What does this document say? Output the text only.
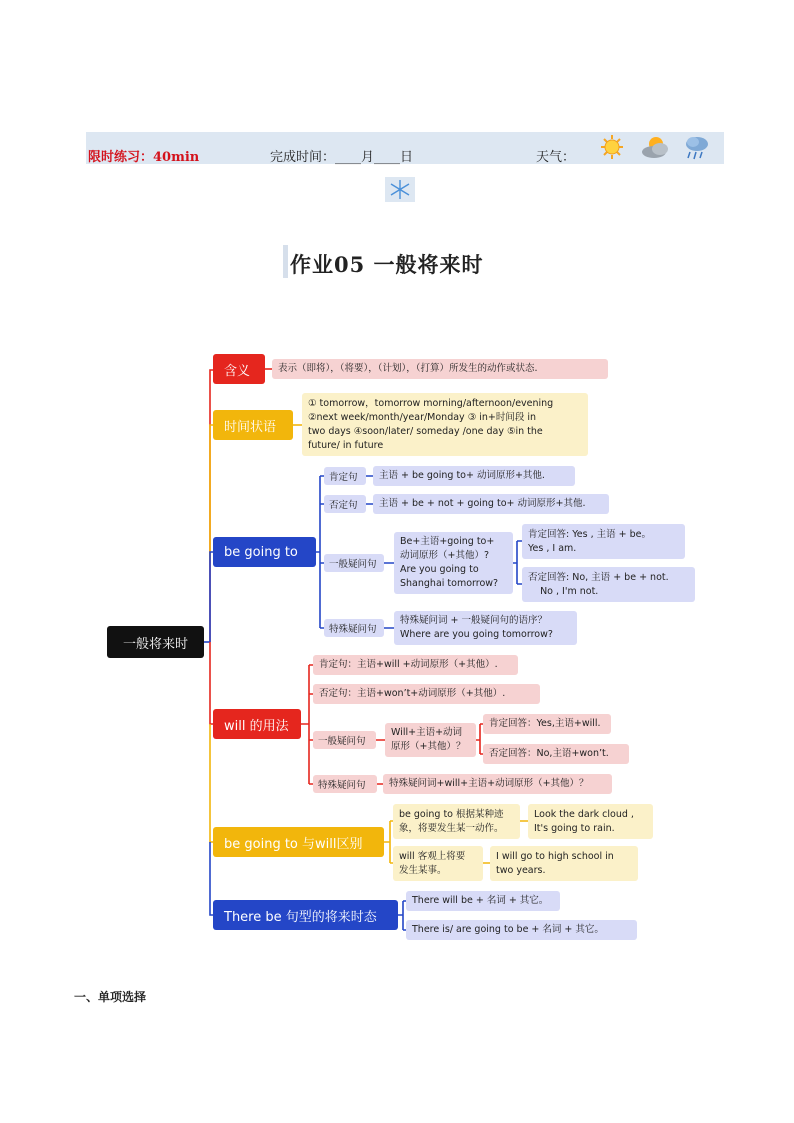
限时练习：40min	完成时间：____月____日	天气：
作业05 一般将来时
一般将来时
含义	表示（即将），（将要），（计划），（打算）所发生的动作或状态.
时间状语
① tomorrow，tomorrow morning/afternoon/evening
②next week/month/year/Monday ③ in+时间段 in
two days ④soon/later/ someday /one day ⑤in the
future/ in future
be going to
肯定句	主语 + be going to+ 动词原形+其他.
否定句	主语 + be + not + going to+ 动词原形+其他.
一般疑问句
Be+主语+going to+
动词原形（+其他）?
Are you going to
Shanghai tomorrow?
肯定回答: Yes , 主语 + be。
Yes , I am.
否定回答: No, 主语 + be + not.
No , I'm not.
特殊疑问句
特殊疑问词 + 一般疑问句的语序？
Where are you going tomorrow?
will 的用法
肯定句：主语+will +动词原形（+其他）.
否定句：主语+won’t+动词原形（+其他）.
一般疑问句
Will+主语+动词
原形（+其他）？
肯定回答：Yes,主语+will.
否定回答：No,主语+won’t.
特殊疑问句	特殊疑问词+will+主语+动词原形（+其他）？
be going to 与will区别
be going to 根据某种迹
象，将要发生某一动作。
Look the dark cloud ,
It's going to rain.
will 客观上将要
发生某事。
I will go to high school in
two years.
There be 句型的将来时态
There will be + 名词 + 其它。
There is/ are going to be + 名词 + 其它。
一、单项选择
